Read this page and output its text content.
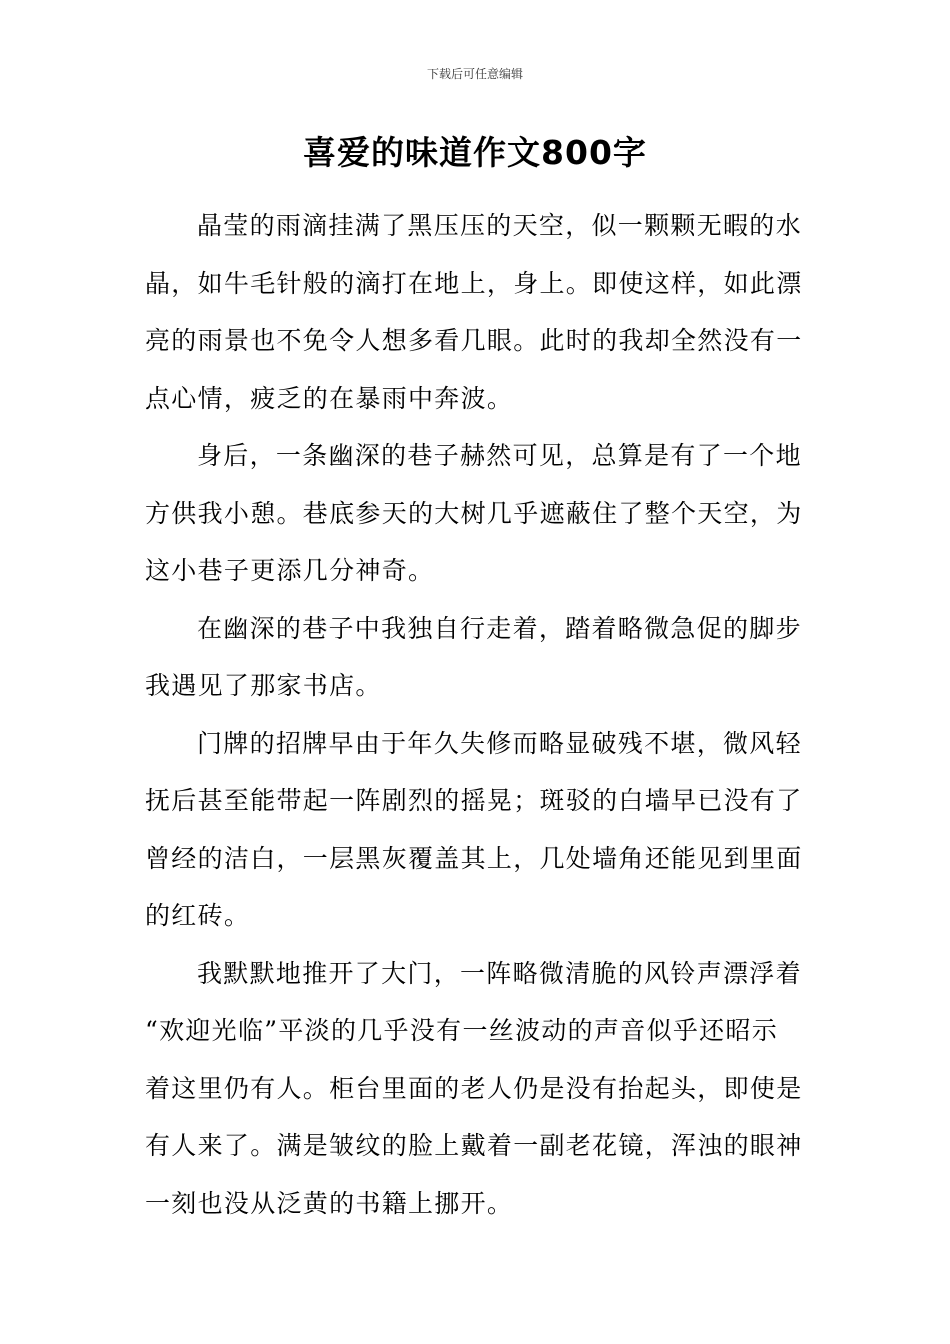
下载后可任意编辑
喜爱的味道作文800字

晶莹的雨滴挂满了黑压压的天空，似一颗颗无暇的水
晶，如牛毛针般的滴打在地上，身上。即使这样，如此漂
亮的雨景也不免令人想多看几眼。此时的我却全然没有一
点心情，疲乏的在暴雨中奔波。

身后，一条幽深的巷子赫然可见，总算是有了一个地
方供我小憩。巷底参天的大树几乎遮蔽住了整个天空，为
这小巷子更添几分神奇。

在幽深的巷子中我独自行走着，踏着略微急促的脚步
我遇见了那家书店。

门牌的招牌早由于年久失修而略显破残不堪，微风轻
抚后甚至能带起一阵剧烈的摇晃；斑驳的白墙早已没有了
曾经的洁白，一层黑灰覆盖其上，几处墙角还能见到里面
的红砖。

我默默地推开了大门，一阵略微清脆的风铃声漂浮着
“欢迎光临”平淡的几乎没有一丝波动的声音似乎还昭示
着这里仍有人。柜台里面的老人仍是没有抬起头，即使是
有人来了。满是皱纹的脸上戴着一副老花镜，浑浊的眼神
一刻也没从泛黄的书籍上挪开。
